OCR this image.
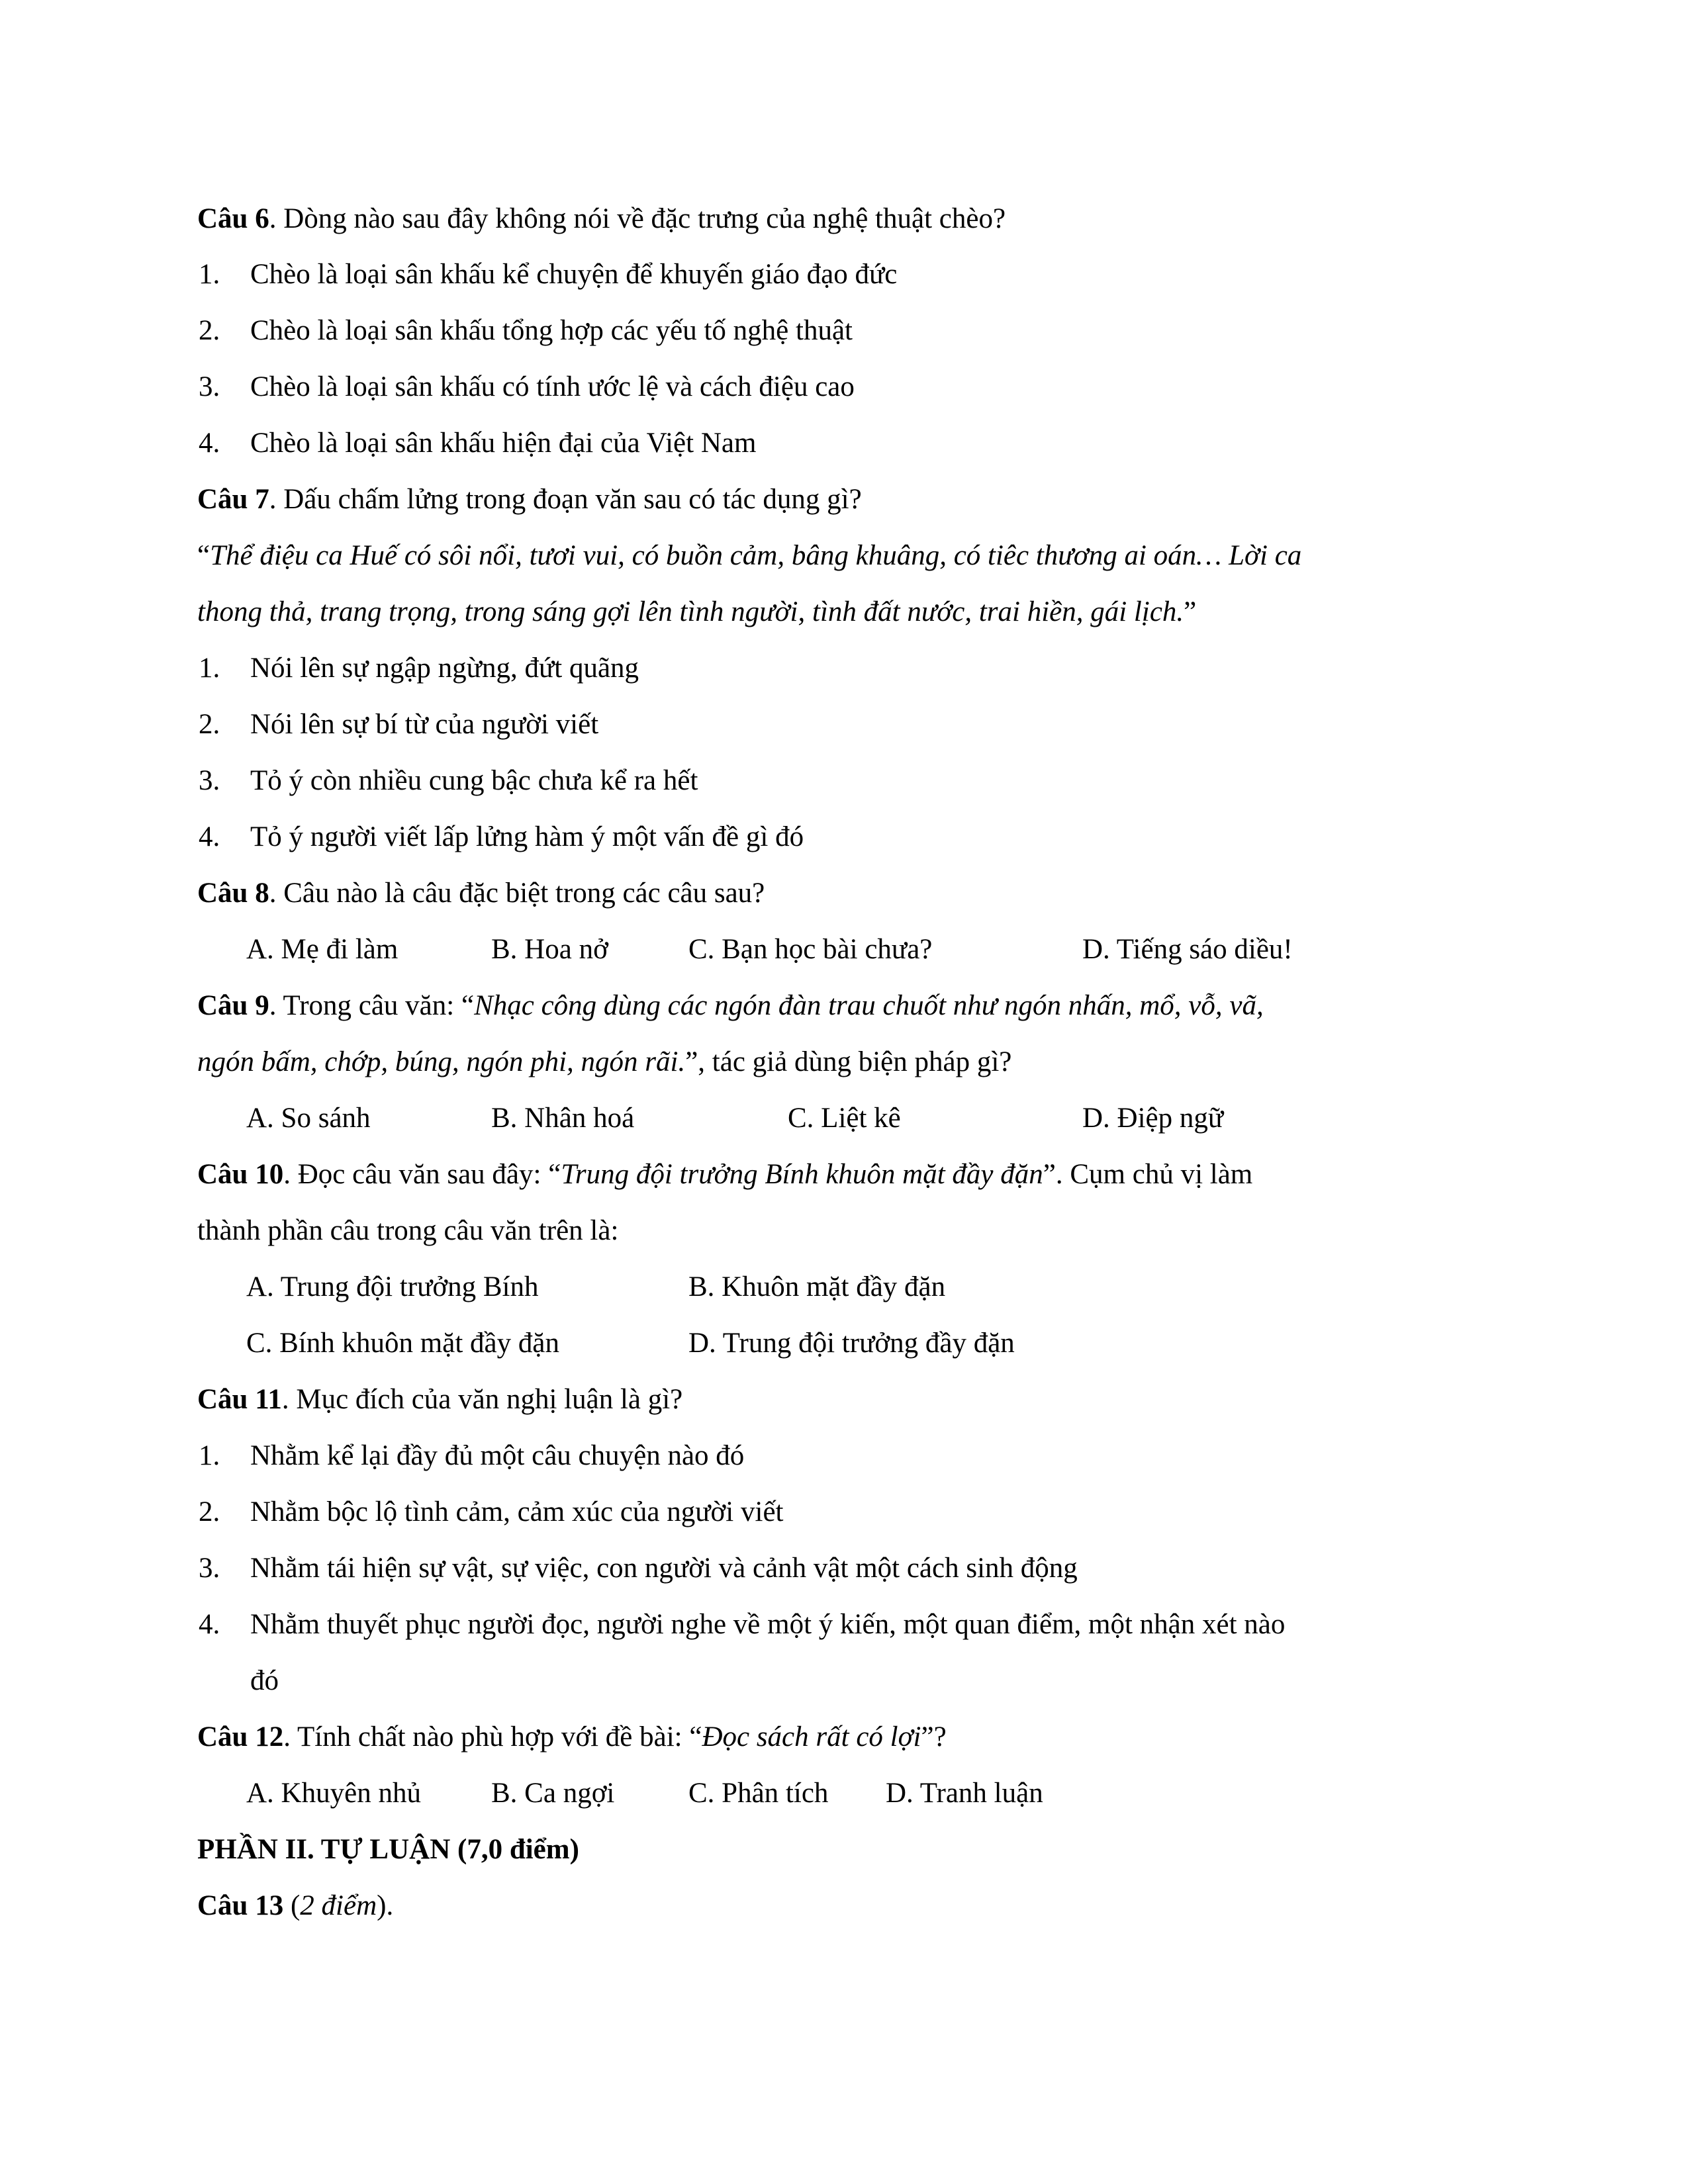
Câu 6. Dòng nào sau đây không nói về đặc trưng của nghệ thuật chèo?
1. Chèo là loại sân khấu kể chuyện để khuyến giáo đạo đức
2. Chèo là loại sân khấu tổng hợp các yếu tố nghệ thuật
3. Chèo là loại sân khấu có tính ước lệ và cách điệu cao
4. Chèo là loại sân khấu hiện đại của Việt Nam
Câu 7. Dấu chấm lửng trong đoạn văn sau có tác dụng gì?
“Thể điệu ca Huế có sôi nổi, tươi vui, có buồn cảm, bâng khuâng, có tiêc thương ai oán… Lời ca
thong thả, trang trọng, trong sáng gợi lên tình người, tình đất nước, trai hiền, gái lịch.”
1. Nói lên sự ngập ngừng, đứt quãng
2. Nói lên sự bí từ của người viết
3. Tỏ ý còn nhiều cung bậc chưa kể ra hết
4. Tỏ ý người viết lấp lửng hàm ý một vấn đề gì đó
Câu 8. Câu nào là câu đặc biệt trong các câu sau?
A. Mẹ đi làm	B. Hoa nở	C. Bạn học bài chưa?	D. Tiếng sáo diều!
Câu 9. Trong câu văn: “Nhạc công dùng các ngón đàn trau chuốt như ngón nhấn, mổ, vỗ, vã,
ngón bấm, chớp, búng, ngón phi, ngón rãi.”, tác giả dùng biện pháp gì?
A. So sánh	B. Nhân hoá	C. Liệt kê	D. Điệp ngữ
Câu 10. Đọc câu văn sau đây: “Trung đội trưởng Bính khuôn mặt đầy đặn”. Cụm chủ vị làm
thành phần câu trong câu văn trên là:
A. Trung đội trưởng Bính	B. Khuôn mặt đầy đặn
C. Bính khuôn mặt đầy đặn	D. Trung đội trưởng đầy đặn
Câu 11. Mục đích của văn nghị luận là gì?
1. Nhằm kể lại đầy đủ một câu chuyện nào đó
2. Nhằm bộc lộ tình cảm, cảm xúc của người viết
3. Nhằm tái hiện sự vật, sự việc, con người và cảnh vật một cách sinh động
4. Nhằm thuyết phục người đọc, người nghe về một ý kiến, một quan điểm, một nhận xét nào
đó
Câu 12. Tính chất nào phù hợp với đề bài: “Đọc sách rất có lợi”?
A. Khuyên nhủ B. Ca ngợi	C. Phân tích D. Tranh luận
PHẦN II. TỰ LUẬN (7,0 điểm)
Câu 13 (2 điểm).
